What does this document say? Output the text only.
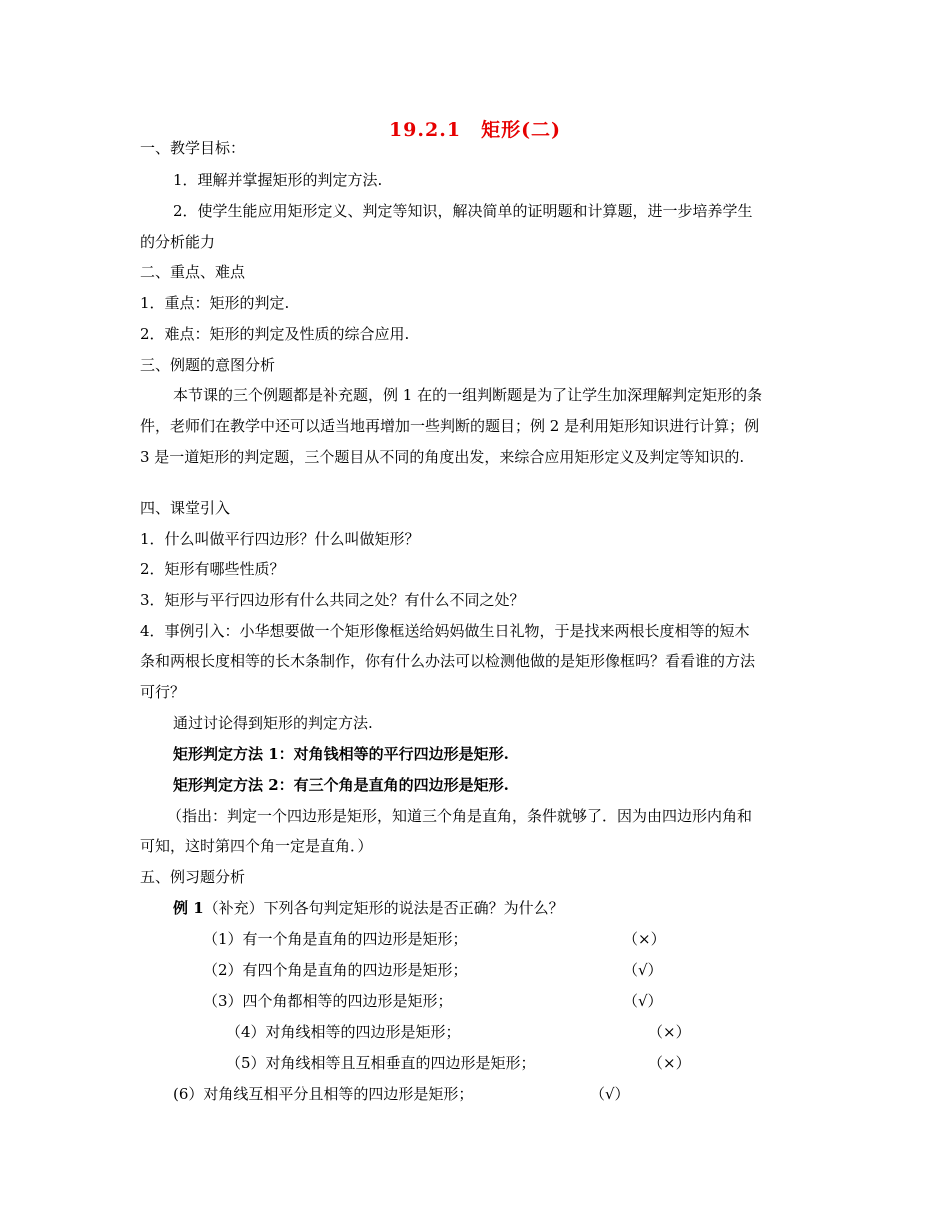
19.2.1　矩形(二)
一、教学目标：
1．理解并掌握矩形的判定方法.
2．使学生能应用矩形定义、判定等知识，解决简单的证明题和计算题，进一步培养学生
的分析能力
二、重点、难点
1．重点：矩形的判定.
2．难点：矩形的判定及性质的综合应用.
三、例题的意图分析
本节课的三个例题都是补充题，例 1 在的一组判断题是为了让学生加深理解判定矩形的条
件，老师们在教学中还可以适当地再增加一些判断的题目；例 2 是利用矩形知识进行计算；例
3 是一道矩形的判定题，三个题目从不同的角度出发，来综合应用矩形定义及判定等知识的.
四、课堂引入
1．什么叫做平行四边形？什么叫做矩形？
2．矩形有哪些性质？
3．矩形与平行四边形有什么共同之处？有什么不同之处？
4．事例引入：小华想要做一个矩形像框送给妈妈做生日礼物，于是找来两根长度相等的短木
条和两根长度相等的长木条制作，你有什么办法可以检测他做的是矩形像框吗？看看谁的方法
可行？
通过讨论得到矩形的判定方法.
矩形判定方法 1：对角钱相等的平行四边形是矩形.
矩形判定方法 2：有三个角是直角的四边形是矩形.
（指出：判定一个四边形是矩形，知道三个角是直角，条件就够了．因为由四边形内角和
可知，这时第四个角一定是直角．）
五、例习题分析
例 1（补充）下列各句判定矩形的说法是否正确？为什么？
（1）有一个角是直角的四边形是矩形；	（×）
（2）有四个角是直角的四边形是矩形；	（√）
（3）四个角都相等的四边形是矩形；	（√）
（4）对角线相等的四边形是矩形；	（×）
（5）对角线相等且互相垂直的四边形是矩形；	（×）
(6）对角线互相平分且相等的四边形是矩形；	（√）
